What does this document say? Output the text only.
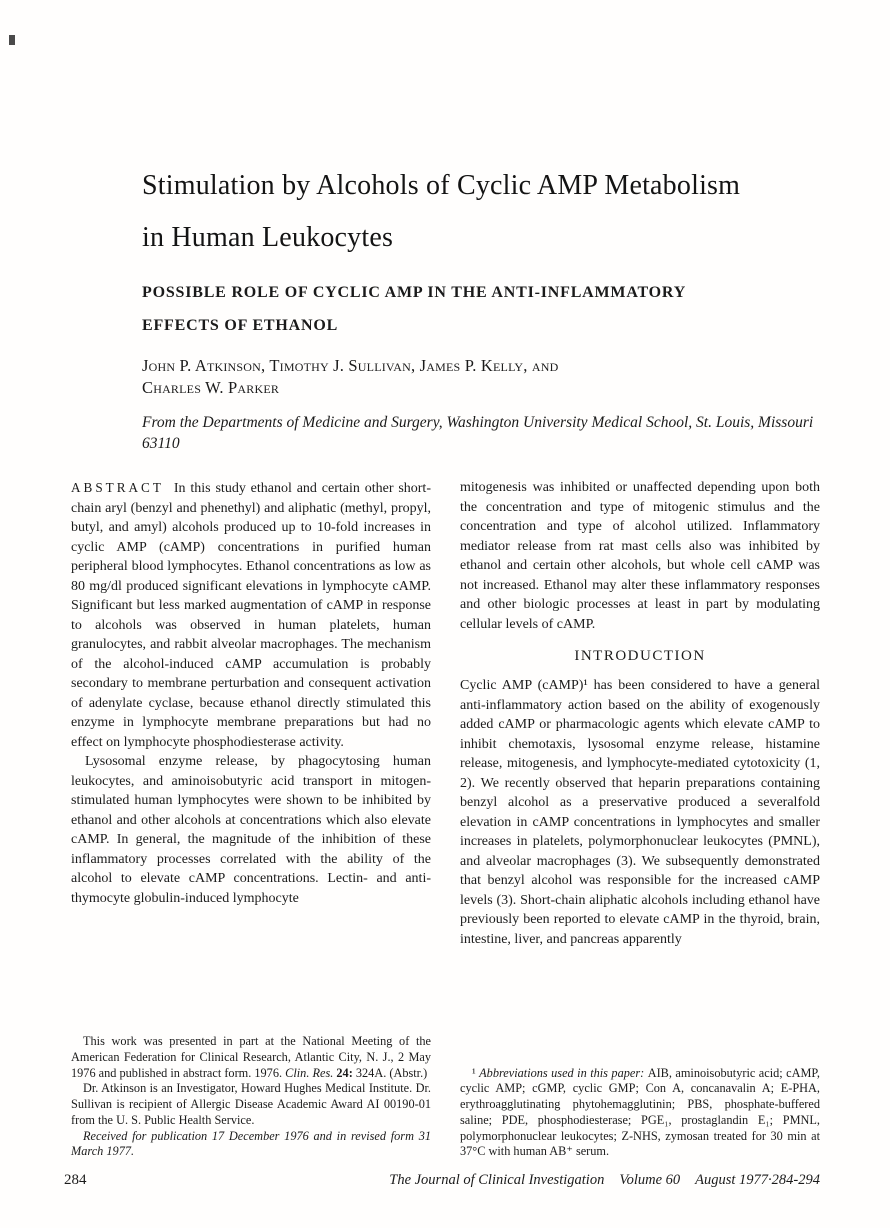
Stimulation by Alcohols of Cyclic AMP Metabolism
in Human Leukocytes
POSSIBLE ROLE OF CYCLIC AMP IN THE ANTI-INFLAMMATORY
EFFECTS OF ETHANOL
John P. Atkinson, Timothy J. Sullivan, James P. Kelly, and
Charles W. Parker

From the Departments of Medicine and Surgery, Washington University Medical School, St. Louis, Missouri 63110

ABSTRACT In this study ethanol and certain other short-chain aryl (benzyl and phenethyl) and aliphatic (methyl, propyl, butyl, and amyl) alcohols produced up to 10-fold increases in cyclic AMP (cAMP) concentrations in purified human peripheral blood lymphocytes. Ethanol concentrations as low as 80 mg/dl produced significant elevations in lymphocyte cAMP. Significant but less marked augmentation of cAMP in response to alcohols was observed in human platelets, human granulocytes, and rabbit alveolar macrophages. The mechanism of the alcohol-induced cAMP accumulation is probably secondary to membrane perturbation and consequent activation of adenylate cyclase, because ethanol directly stimulated this enzyme in lymphocyte membrane preparations but had no effect on lymphocyte phosphodiesterase activity.

Lysosomal enzyme release, by phagocytosing human leukocytes, and aminoisobutyric acid transport in mitogen-stimulated human lymphocytes were shown to be inhibited by ethanol and other alcohols at concentrations which also elevate cAMP. In general, the magnitude of the inhibition of these inflammatory processes correlated with the ability of the alcohol to elevate cAMP concentrations. Lectin- and anti-thymocyte globulin-induced lymphocyte

This work was presented in part at the National Meeting of the American Federation for Clinical Research, Atlantic City, N. J., 2 May 1976 and published in abstract form. 1976. Clin. Res. 24: 324A. (Abstr.)

Dr. Atkinson is an Investigator, Howard Hughes Medical Institute. Dr. Sullivan is recipient of Allergic Disease Academic Award AI 00190-01 from the U. S. Public Health Service.

Received for publication 17 December 1976 and in revised form 31 March 1977.

mitogenesis was inhibited or unaffected depending upon both the concentration and type of mitogenic stimulus and the concentration and type of alcohol utilized. Inflammatory mediator release from rat mast cells also was inhibited by ethanol and certain other alcohols, but whole cell cAMP was not increased. Ethanol may alter these inflammatory responses and other biologic processes at least in part by modulating cellular levels of cAMP.

INTRODUCTION

Cyclic AMP (cAMP)¹ has been considered to have a general anti-inflammatory action based on the ability of exogenously added cAMP or pharmacologic agents which elevate cAMP to inhibit chemotaxis, lysosomal enzyme release, histamine release, mitogenesis, and lymphocyte-mediated cytotoxicity (1, 2). We recently observed that heparin preparations containing benzyl alcohol as a preservative produced a severalfold elevation in cAMP concentrations in lymphocytes and smaller increases in platelets, polymorphonuclear leukocytes (PMNL), and alveolar macrophages (3). We subsequently demonstrated that benzyl alcohol was responsible for the increased cAMP levels (3). Short-chain aliphatic alcohols including ethanol have previously been reported to elevate cAMP in the thyroid, brain, intestine, liver, and pancreas apparently

¹ Abbreviations used in this paper: AIB, aminoisobutyric acid; cAMP, cyclic AMP; cGMP, cyclic GMP; Con A, concanavalin A; E-PHA, erythroagglutinating phytohemagglutinin; PBS, phosphate-buffered saline; PDE, phosphodiesterase; PGE₁, prostaglandin E₁; PMNL, polymorphonuclear leukocytes; Z-NHS, zymosan treated for 30 min at 37°C with human AB⁺ serum.

284	The Journal of Clinical Investigation Volume 60 August 1977·284-294
